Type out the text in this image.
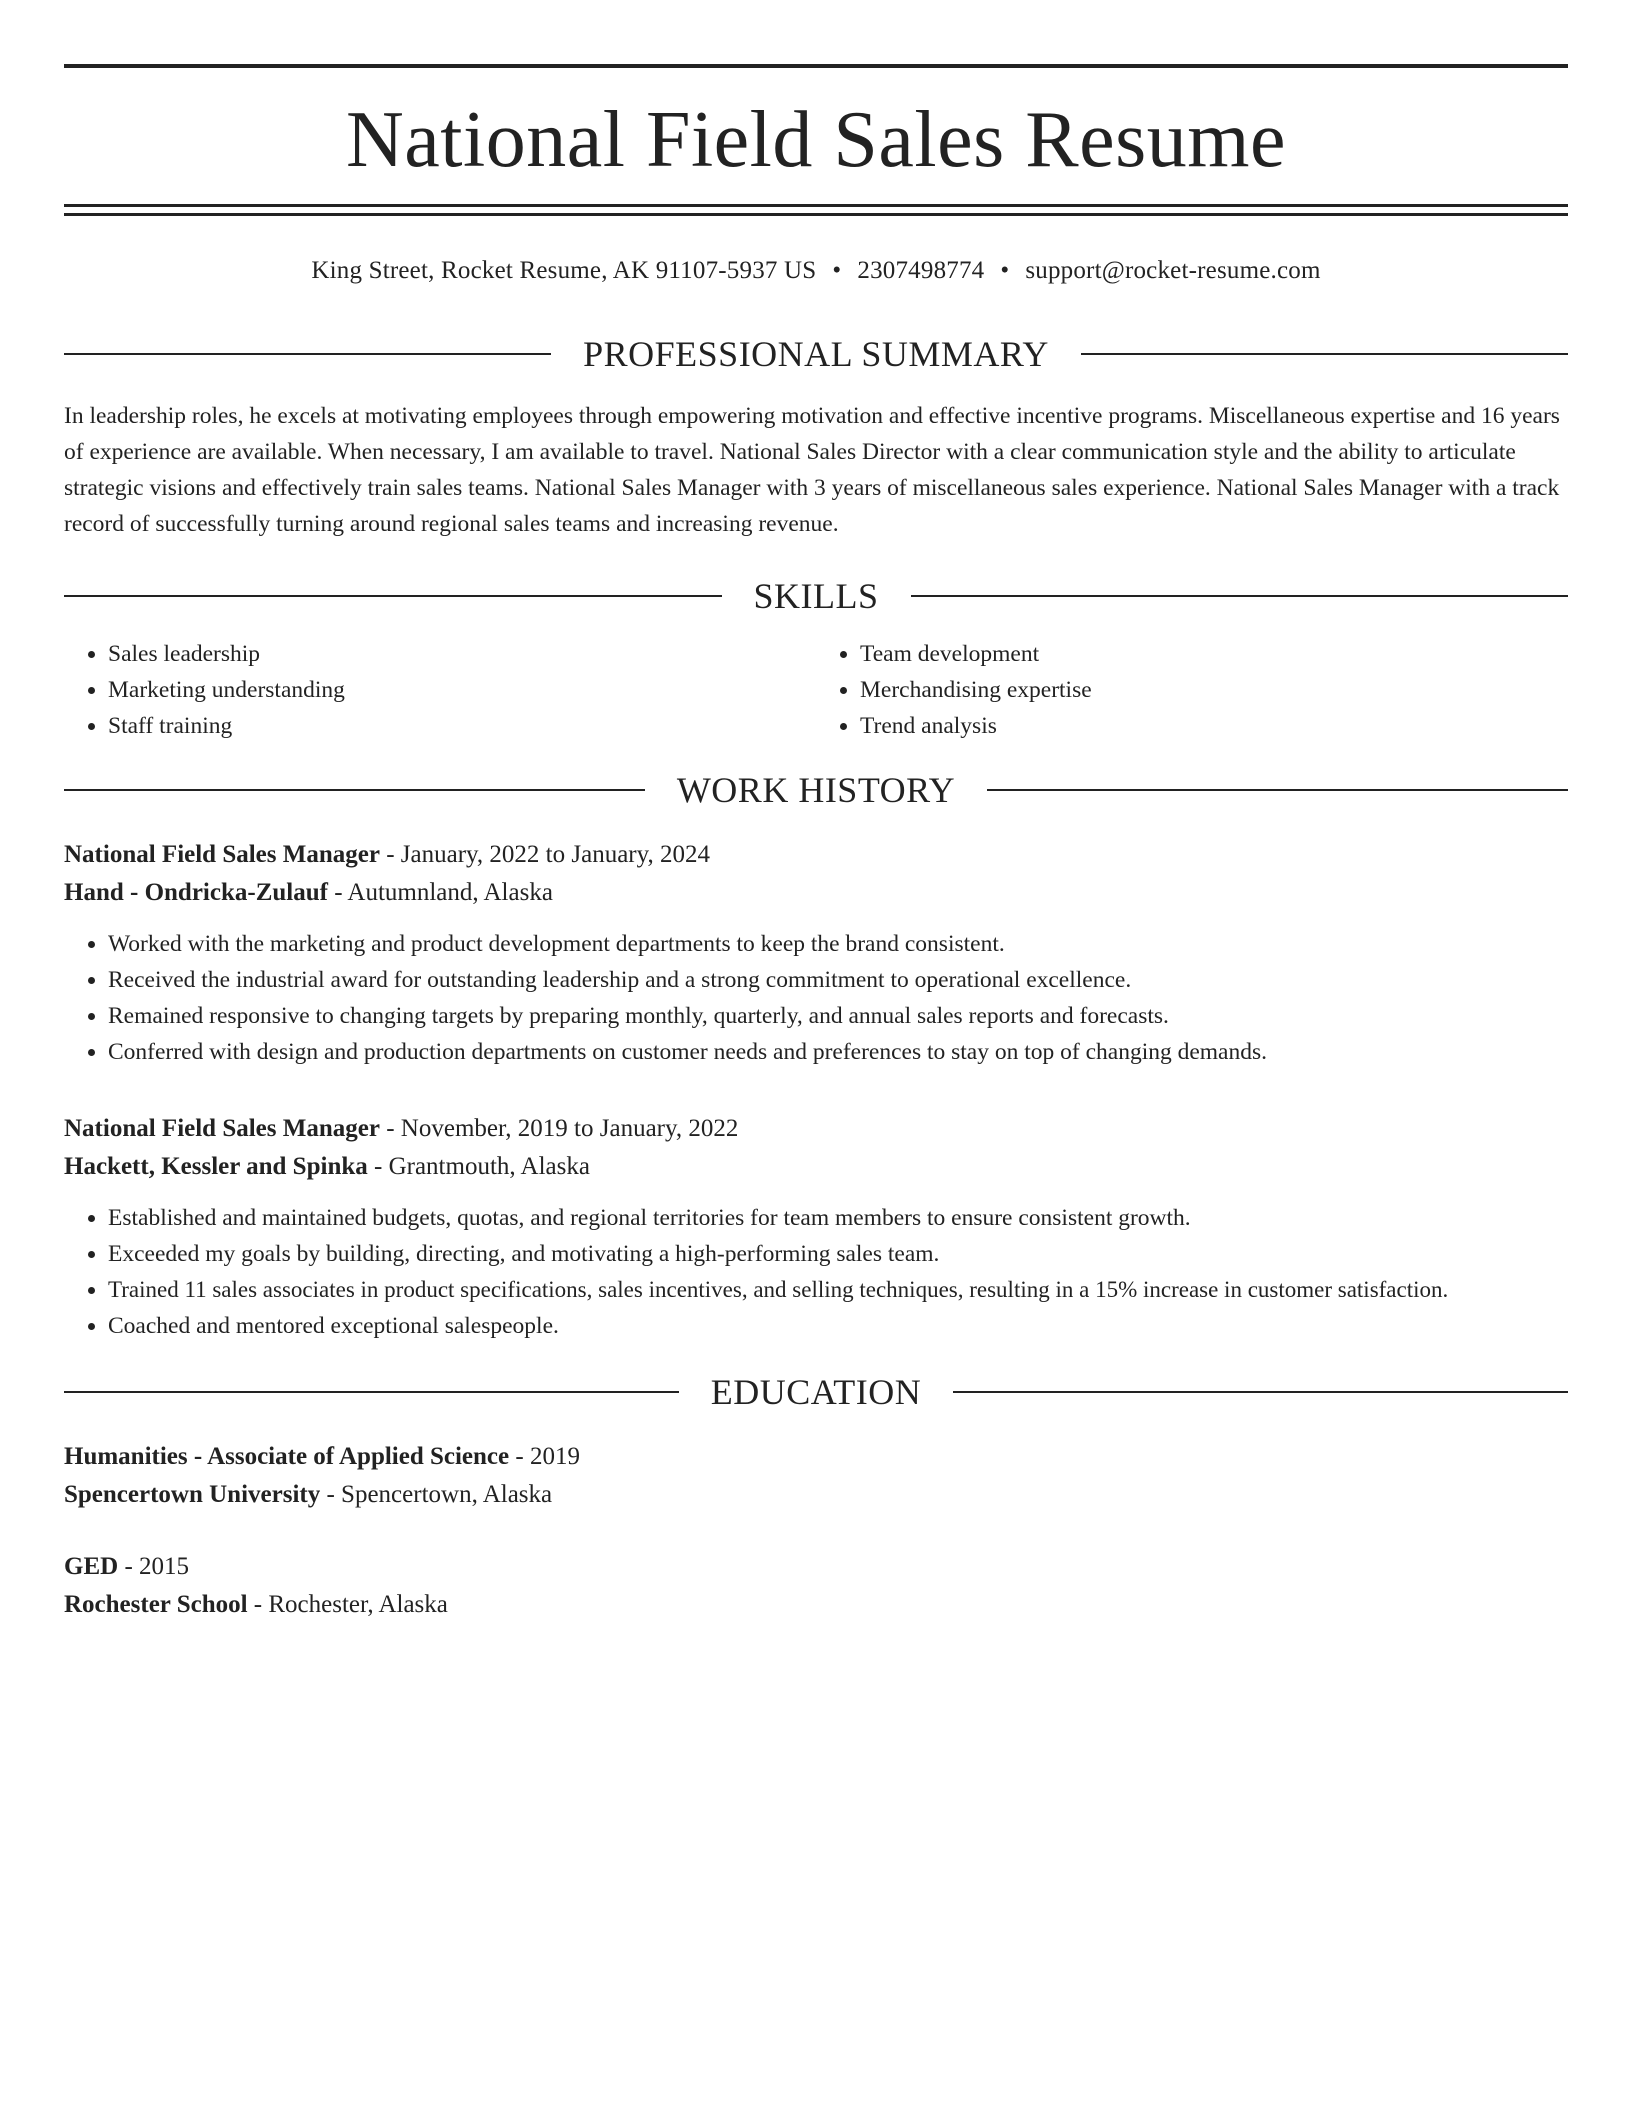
National Field Sales Resume
King Street, Rocket Resume, AK 91107-5937 US • 2307498774 • support@rocket-resume.com
PROFESSIONAL SUMMARY

In leadership roles, he excels at motivating employees through empowering motivation and effective incentive programs. Miscellaneous expertise and 16 years of experience are available. When necessary, I am available to travel. National Sales Director with a clear communication style and the ability to articulate strategic visions and effectively train sales teams. National Sales Manager with 3 years of miscellaneous sales experience. National Sales Manager with a track record of successfully turning around regional sales teams and increasing revenue.

SKILLS
• Sales leadership
• Marketing understanding
• Staff training
• Team development
• Merchandising expertise
• Trend analysis
WORK HISTORY
National Field Sales Manager - January, 2022 to January, 2024
Hand - Ondricka-Zulauf - Autumnland, Alaska
• Worked with the marketing and product development departments to keep the brand consistent.
• Received the industrial award for outstanding leadership and a strong commitment to operational excellence.
• Remained responsive to changing targets by preparing monthly, quarterly, and annual sales reports and forecasts.
• Conferred with design and production departments on customer needs and preferences to stay on top of changing demands.
National Field Sales Manager - November, 2019 to January, 2022
Hackett, Kessler and Spinka - Grantmouth, Alaska
• Established and maintained budgets, quotas, and regional territories for team members to ensure consistent growth.
• Exceeded my goals by building, directing, and motivating a high-performing sales team.
• Trained 11 sales associates in product specifications, sales incentives, and selling techniques, resulting in a 15% increase in customer satisfaction.
• Coached and mentored exceptional salespeople.
EDUCATION
Humanities - Associate of Applied Science - 2019
Spencertown University - Spencertown, Alaska
GED - 2015
Rochester School - Rochester, Alaska
